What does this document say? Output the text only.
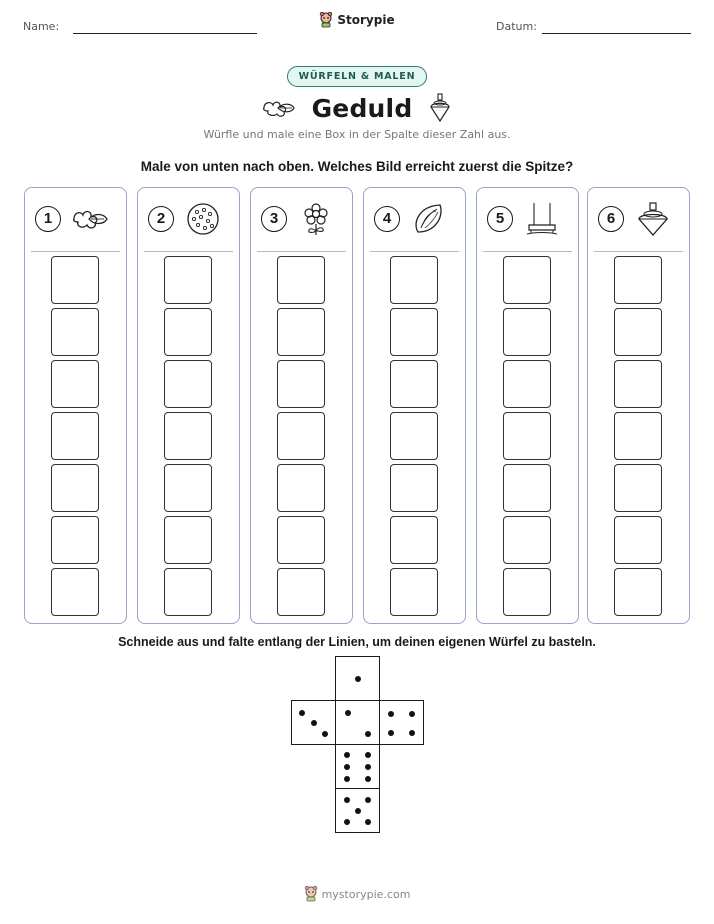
Name:	Storypie	Datum:
WÜRFELN & MALEN
Geduld
Würfle und male eine Box in der Spalte dieser Zahl aus.
Male von unten nach oben. Welches Bild erreicht zuerst die Spitze?
1	2	3	4	5	6
Schneide aus und falte entlang der Linien, um deinen eigenen Würfel zu basteln.
mystorypie.com
